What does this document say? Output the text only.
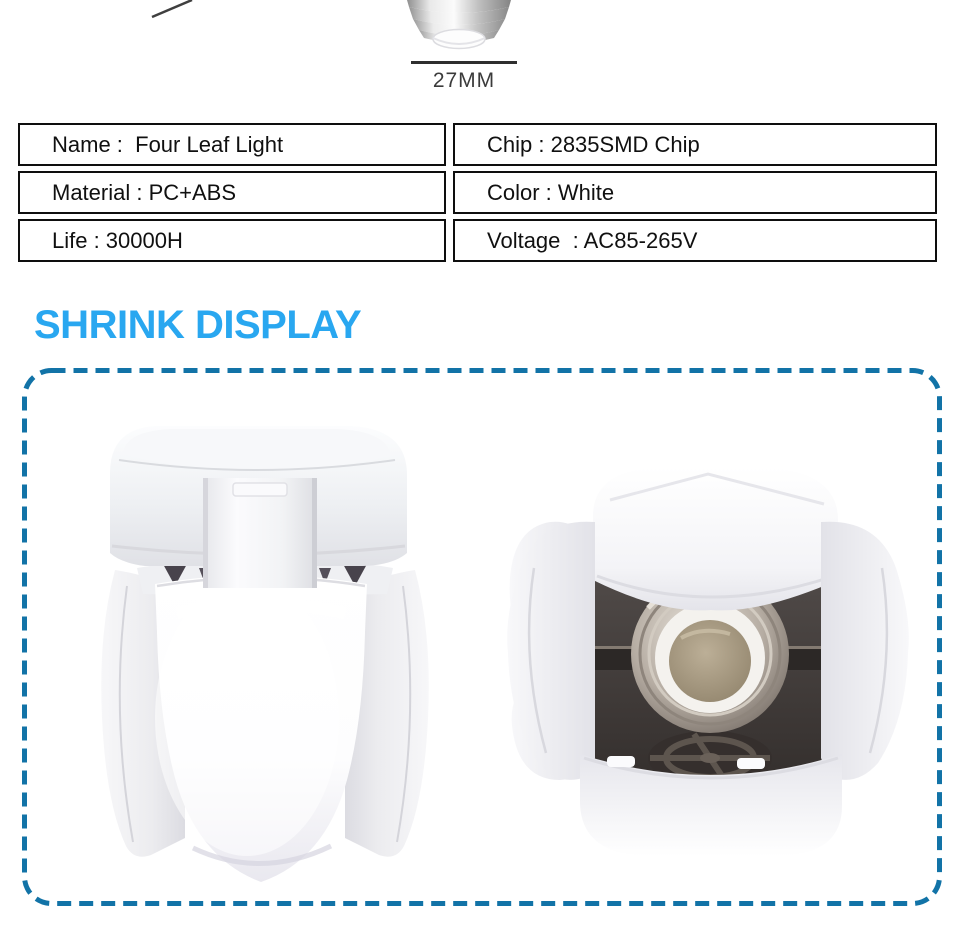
27MM
Name :  Four Leaf Light	Chip : 2835SMD Chip
Material : PC+ABS	Color : White
Life : 30000H	Voltage  : AC85-265V
SHRINK DISPLAY
